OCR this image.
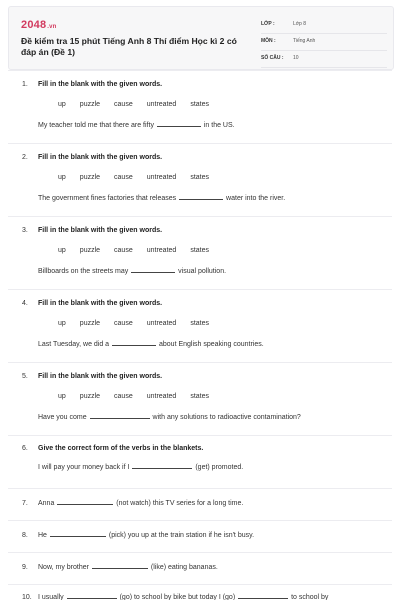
2048.vn
Đề kiểm tra 15 phút Tiếng Anh 8 Thí điểm Học kì 2 có đáp án (Đề 1)
LỚP :	Lớp 8
MÔN :	Tiếng Anh
SỐ CÂU : 10
1. Fill in the blank with the given words.
up puzzle cause untreated states
My teacher told me that there are fifty	in the US.
2. Fill in the blank with the given words.
up puzzle cause untreated states
The government fines factories that releases	water into the river.
3. Fill in the blank with the given words.
up puzzle cause untreated states
Billboards on the streets may	visual pollution.
4. Fill in the blank with the given words.
up puzzle cause untreated states
Last Tuesday, we did a	about English speaking countries.
5. Fill in the blank with the given words.
up puzzle cause untreated states
Have you come	with any solutions to radioactive contamination?
6. Give the correct form of the verbs in the blankets.
I will pay your money back if I	(get) promoted.
7. Anna	(not watch) this TV series for a long time.
8. He	(pick) you up at the train station if he isn't busy.
9. Now, my brother	(like) eating bananas.
10. I usually	(go) to school by bike but today I (go)	to school by
